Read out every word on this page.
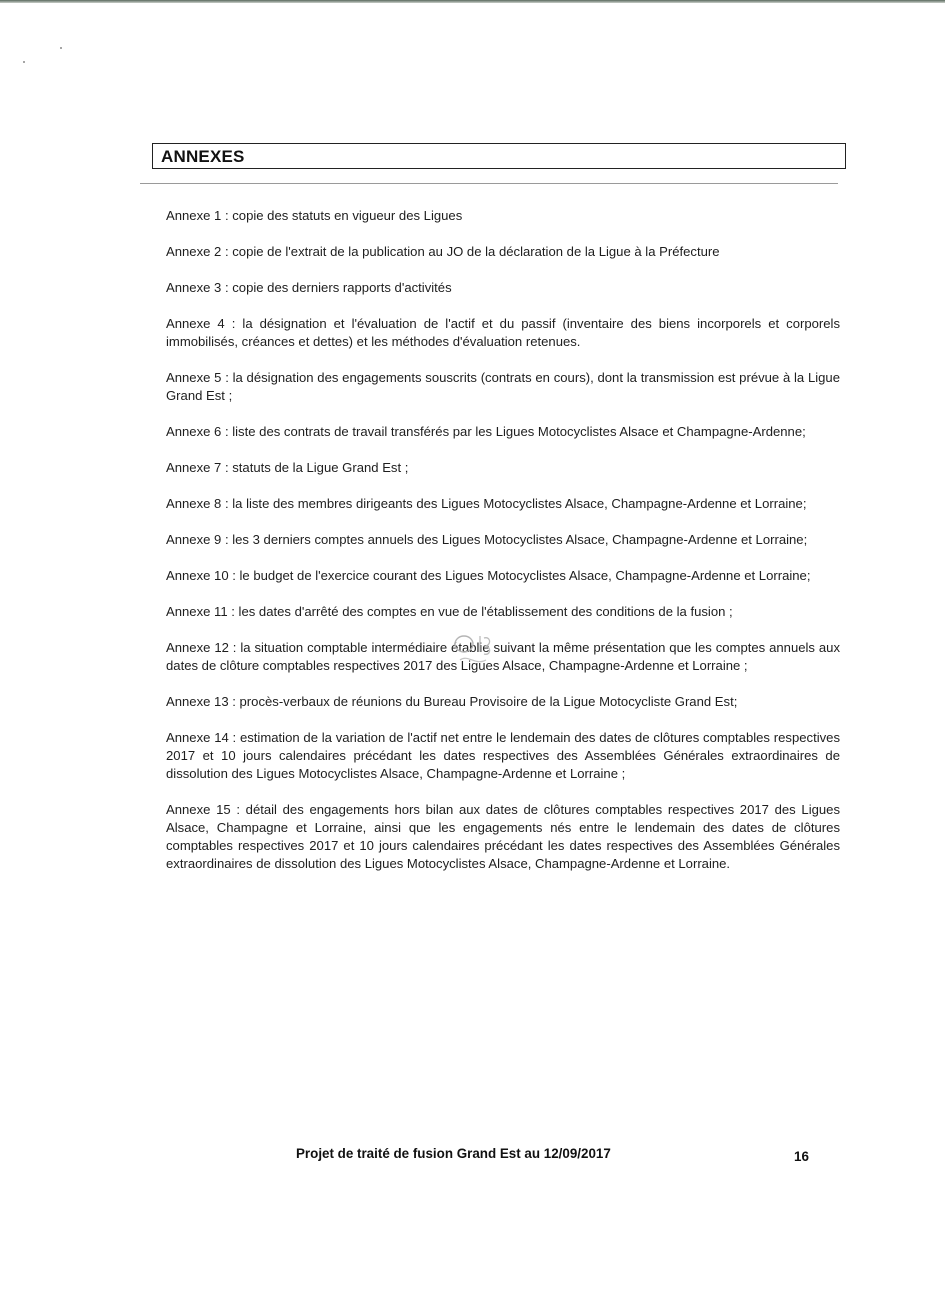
ANNEXES

Annexe 1 : copie des statuts en vigueur des Ligues

Annexe 2 : copie de l'extrait de la publication au JO de la déclaration de la Ligue à la Préfecture

Annexe 3 : copie des derniers rapports d'activités

Annexe 4 : la désignation et l'évaluation de l'actif et du passif (inventaire des biens incorporels et corporels immobilisés, créances et dettes) et les méthodes d'évaluation retenues.

Annexe 5 : la désignation des engagements souscrits (contrats en cours), dont la transmission est prévue à la Ligue Grand Est ;

Annexe 6 : liste des contrats de travail transférés par les Ligues Motocyclistes Alsace et Champagne-Ardenne;

Annexe 7 : statuts de la Ligue Grand Est ;

Annexe 8 : la liste des membres dirigeants des Ligues Motocyclistes Alsace, Champagne-Ardenne et Lorraine;

Annexe 9 : les 3 derniers comptes annuels des Ligues Motocyclistes Alsace, Champagne-Ardenne et Lorraine;

Annexe 10 : le budget de l'exercice courant des Ligues Motocyclistes Alsace, Champagne-Ardenne et Lorraine;

Annexe 11 : les dates d'arrêté des comptes en vue de l'établissement des conditions de la fusion ;

Annexe 12 : la situation comptable intermédiaire établie suivant la même présentation que les comptes annuels aux dates de clôture comptables respectives 2017 des Ligues Alsace, Champagne-Ardenne et Lorraine ;

Annexe 13 : procès-verbaux de réunions du Bureau Provisoire de la Ligue Motocycliste Grand Est;

Annexe 14 : estimation de la variation de l'actif net entre le lendemain des dates de clôtures comptables respectives 2017 et 10 jours calendaires précédant les dates respectives des Assemblées Générales extraordinaires de dissolution des Ligues Motocyclistes Alsace, Champagne-Ardenne et Lorraine ;

Annexe 15 : détail des engagements hors bilan aux dates de clôtures comptables respectives 2017 des Ligues Alsace, Champagne et Lorraine, ainsi que les engagements nés entre le lendemain des dates de clôtures comptables respectives 2017 et 10 jours calendaires précédant les dates respectives des Assemblées Générales extraordinaires de dissolution des Ligues Motocyclistes Alsace, Champagne-Ardenne et Lorraine.

Projet de traité de fusion Grand Est au 12/09/2017	16
